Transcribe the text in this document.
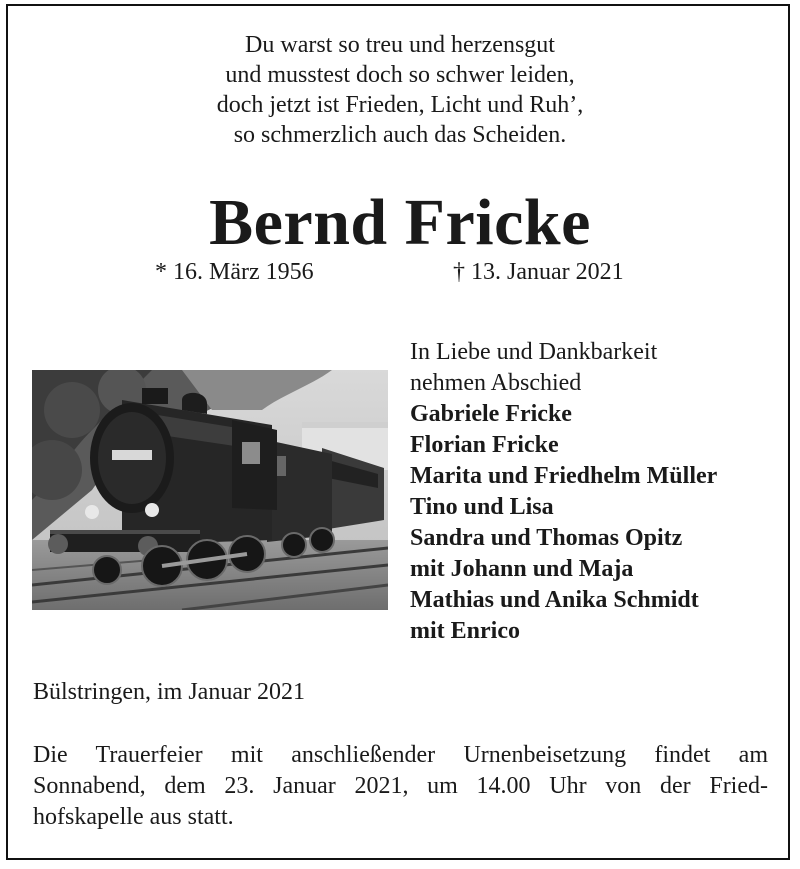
Du warst so treu und herzensgut
und musstest doch so schwer leiden,
doch jetzt ist Frieden, Licht und Ruh’,
so schmerzlich auch das Scheiden.
Bernd Fricke
* 16. März 1956	† 13. Januar 2021
In Liebe und Dankbarkeit
nehmen Abschied
Gabriele Fricke
Florian Fricke
Marita und Friedhelm Müller
Tino und Lisa
Sandra und Thomas Opitz
mit Johann und Maja
Mathias und Anika Schmidt
mit Enrico
Bülstringen, im Januar 2021
Die Trauerfeier mit anschließender Urnenbeisetzung findet am
Sonnabend, dem 23. Januar 2021, um 14.00 Uhr von der Fried-
hofskapelle aus statt.
